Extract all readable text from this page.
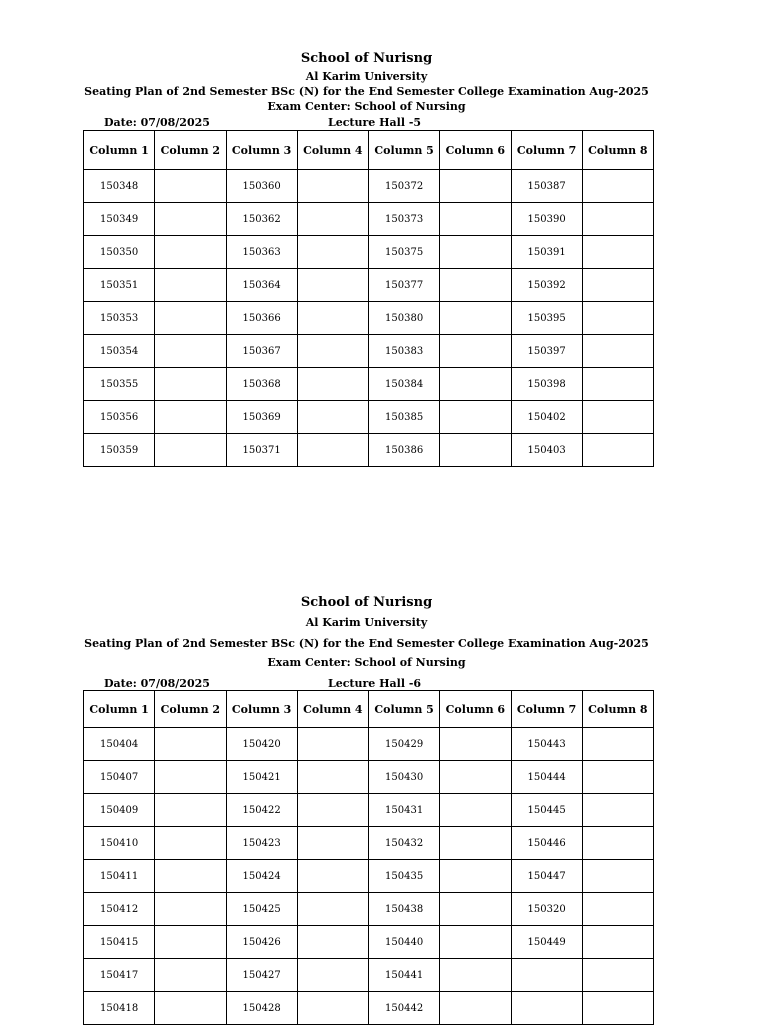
School of Nurisng
Al Karim University
Seating Plan of 2nd Semester BSc (N) for the End Semester College Examination Aug-2025
Exam Center: School of Nursing
Date: 07/08/2025	Lecture Hall -5
Column 1	Column 2	Column 3	Column 4	Column 5	Column 6	Column 7	Column 8
150348		150360		150372		150387	
150349		150362		150373		150390	
150350		150363		150375		150391	
150351		150364		150377		150392	
150353		150366		150380		150395	
150354		150367		150383		150397	
150355		150368		150384		150398	
150356		150369		150385		150402	
150359		150371		150386		150403	
School of Nurisng
Al Karim University
Seating Plan of 2nd Semester BSc (N) for the End Semester College Examination Aug-2025
Exam Center: School of Nursing
Date: 07/08/2025	Lecture Hall -6
Column 1	Column 2	Column 3	Column 4	Column 5	Column 6	Column 7	Column 8
150404		150420		150429		150443	
150407		150421		150430		150444	
150409		150422		150431		150445	
150410		150423		150432		150446	
150411		150424		150435		150447	
150412		150425		150438		150320	
150415		150426		150440		150449	
150417		150427		150441			
150418		150428		150442			
